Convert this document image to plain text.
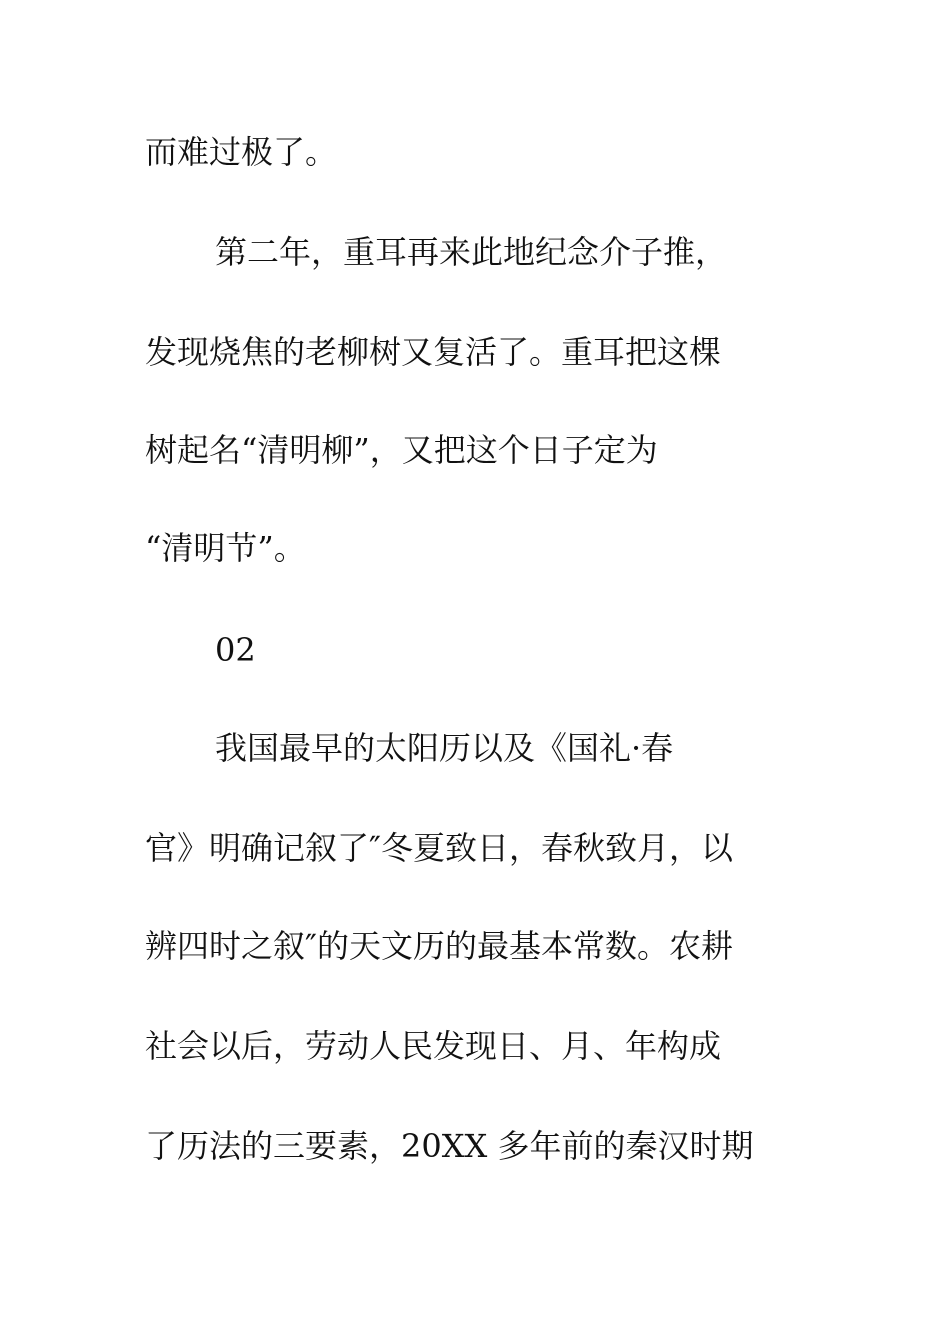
而难过极了。
第二年，重耳再来此地纪念介子推，
发现烧焦的老柳树又复活了。重耳把这棵
树起名“清明柳”，又把这个日子定为
“清明节”。
02
我国最早的太阳历以及《国礼·春
官》明确记叙了″冬夏致日，春秋致月，以
辨四时之叙″的天文历的最基本常数。农耕
社会以后，劳动人民发现日、月、年构成
了历法的三要素，20XX 多年前的秦汉时期
